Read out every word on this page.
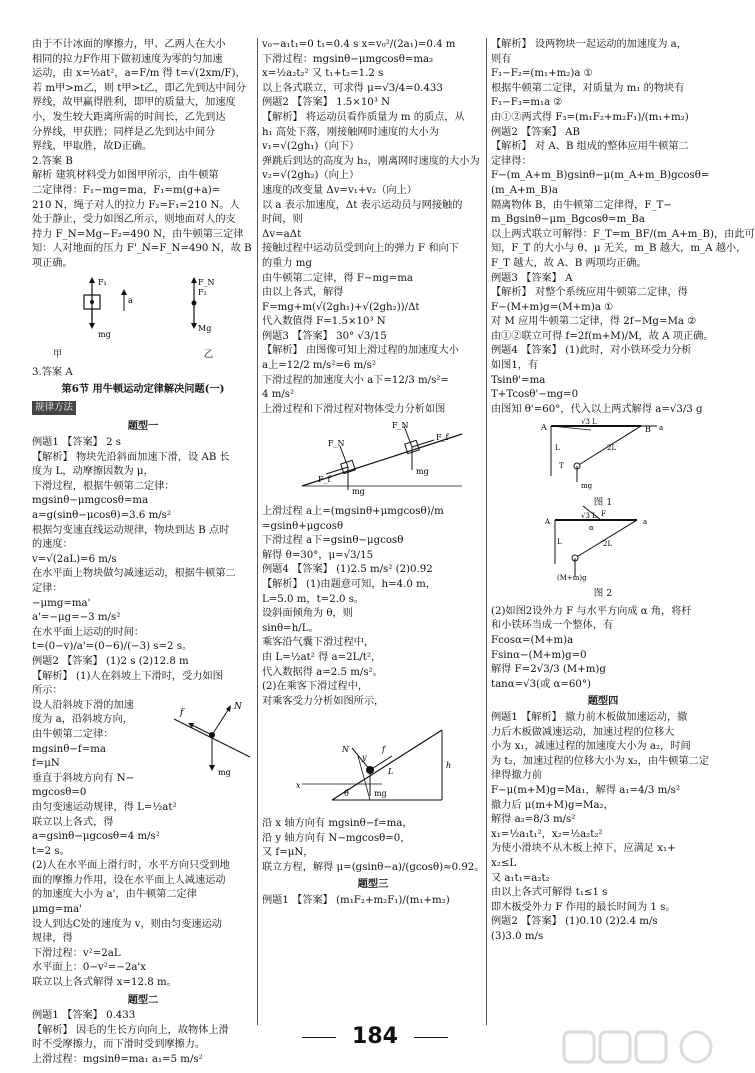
由于不计冰面的摩擦力，甲、乙两人在大小
相同的拉力F作用下做初速度为零的匀加速
运动，由 x=½at²，a=F/m 得 t=√(2xm/F)，
若 m甲>m乙，则 t甲>t乙，即乙先到达中间分
界线，故甲赢得胜利，即甲的质量大，加速度
小，发生较大距离所需的时间长，乙先到达
分界线，甲获胜；同样是乙先到达中间分
界线，甲取胜，故D正确。
2.答案 B
解析 建筑材料受力如图甲所示，由牛顿第
二定律得：F₁−mg=ma，F₁=m(g+a)=
210 N，绳子对人的拉力 F₂=F₁=210 N。人
处于静止，受力如图乙所示，则地面对人的支
持力 F_N=Mg−F₂=490 N，由牛顿第三定律
知：人对地面的压力 F'_N=F_N=490 N，故 B
项正确。
F₁
a
mg
F_N
F₂
Mg
甲	乙
3.答案 A
第6节 用牛顿运动定律解决问题(一)
规律方法
题型一
例题1 【答案】 2 s
【解析】 物块先沿斜面加速下滑，设 AB 长
度为 L，动摩擦因数为 μ，
下滑过程，根据牛顿第二定律：
mgsinθ−μmgcosθ=ma
a=g(sinθ−μcosθ)=3.6 m/s²
根据匀变速直线运动规律，物块到达 B 点时
的速度：
v=√(2aL)=6 m/s
在水平面上物块做匀减速运动，根据牛顿第二
定律：
−μmg=ma'
a'=−μg=−3 m/s²
在水平面上运动的时间：
t=(0−v)/a'=(0−6)/(−3) s=2 s。
例题2 【答案】 (1)2 s (2)12.8 m
【解析】 (1)人在斜坡上下滑时，受力如图
所示：
f
N
mg
设人沿斜坡下滑的加速
度为 a，沿斜坡方向，
由牛顿第二定律：
mgsinθ−f=ma
f=μN
垂直于斜坡方向有 N−
mgcosθ=0
由匀变速运动规律，得 L=½at²
联立以上各式，得
a=gsinθ−μgcosθ=4 m/s²
t=2 s。
(2)人在水平面上滑行时，水平方向只受到地
面的摩擦力作用，设在水平面上人减速运动
的加速度大小为 a'，由牛顿第二定律
μmg=ma'
设人到达C处的速度为 v，则由匀变速运动
规律，得
下滑过程：v²=2aL
水平面上：0−v²=−2a'x
联立以上各式解得 x=12.8 m。
题型二
例题1 【答案】 0.433
【解析】 因毛的生长方向向上，故物体上滑
时不受摩擦力，而下滑时受到摩擦力。
上滑过程：mgsinθ=ma₁ a₁=5 m/s²
v₀−a₁t₁=0 t₁=0.4 s x=v₀²/(2a₁)=0.4 m
下滑过程：mgsinθ−μmgcosθ=ma₂
x=½a₂t₂² 又 t₁+t₂=1.2 s
以上各式联立，可求得 μ=√3/4=0.433
例题2 【答案】 1.5×10³ N
【解析】 将运动员看作质量为 m 的质点，从
h₁ 高处下落，刚接触网时速度的大小为
v₁=√(2gh₁)（向下）
弹跳后到达的高度为 h₂，刚离网时速度的大小为
v₂=√(2gh₂)（向上）
速度的改变量 Δv=v₁+v₂（向上）
以 a 表示加速度，Δt 表示运动员与网接触的
时间，则
Δv=aΔt
接触过程中运动员受到向上的弹力 F 和向下
的重力 mg
由牛顿第二定律，得 F−mg=ma
由以上各式，解得
F=mg+m(√(2gh₁)+√(2gh₂))/Δt
代入数值得 F=1.5×10³ N
例题3 【答案】 30° √3/15
【解析】 由图像可知上滑过程的加速度大小
a上=12/2 m/s²=6 m/s²
下滑过程的加速度大小 a下=12/3 m/s²=
4 m/s²
上滑过程和下滑过程对物体受力分析如图
F_N
F_f
mg
F_N
F_f
mg
上滑过程 a上=(mgsinθ+μmgcosθ)/m
=gsinθ+μgcosθ
下滑过程 a下=gsinθ−μgcosθ
解得 θ=30°，μ=√3/15
例题4 【答案】 (1)2.5 m/s² (2)0.92
【解析】 (1)由题意可知，h=4.0 m，
L=5.0 m，t=2.0 s。
设斜面倾角为 θ，则
sinθ=h/L。
乘客沿气囊下滑过程中，
由 L=½at² 得 a=2L/t²，
代入数据得 a=2.5 m/s²。
(2)在乘客下滑过程中，
对乘客受力分析如图所示，
N	f
mg
x
y
θ
L
h
沿 x 轴方向有 mgsinθ−f=ma，
沿 y 轴方向有 N−mgcosθ=0，
又 f=μN，
联立方程，解得 μ=(gsinθ−a)/(gcosθ)≈0.92。
题型三
例题1 【答案】 (m₁F₂+m₂F₁)/(m₁+m₂)
【解析】 设两物块一起运动的加速度为 a，
则有
F₁−F₂=(m₁+m₂)a ①
根据牛顿第二定律，对质量为 m₁ 的物块有
F₁−F₃=m₁a ②
由①②两式得 F₃=(m₁F₂+m₂F₁)/(m₁+m₂)
例题2 【答案】 AB
【解析】 对 A、B 组成的整体应用牛顿第二
定律得：
F−(m_A+m_B)gsinθ−μ(m_A+m_B)gcosθ=
(m_A+m_B)a
隔离物体 B，由牛顿第二定律得，F_T−
m_Bgsinθ−μm_Bgcosθ=m_Ba
以上两式联立可解得：F_T=m_BF/(m_A+m_B)，由此可
知，F_T 的大小与 θ、μ 无关，m_B 越大，m_A 越小，
F_T 越大，故 A、B 两项均正确。
例题3 【答案】 A
【解析】 对整个系统应用牛顿第二定律，得
F−(M+m)g=(M+m)a ①
对 M 应用牛顿第二定律，得 2f−Mg=Ma ②
由①②联立可得 f=2f(m+M)/M，故 A 项正确。
例题4 【答案】 (1)此时，对小铁环受力分析
如图1，有
Tsinθ'=ma
T+Tcosθ'−mg=0
由图知 θ'=60°，代入以上两式解得 a=√3/3 g
A	B
√3 L
L	2L
T
mg
a
图 1
√3 L F
α
A
L	2L
(M+m)g
a
图 2
(2)如图2设外力 F 与水平方向成 α 角，将杆
和小铁环当成一个整体，有
Fcosα=(M+m)a
Fsinα−(M+m)g=0
解得 F=2√3/3 (M+m)g
tanα=√3(或 α=60°)
题型四
例题1 【解析】 撤力前木板做加速运动，撤
力后木板做减速运动，加速过程的位移大
小为 x₁，减速过程的加速度大小为 a₂，时间
为 t₂，加速过程的位移大小为 x₂，由牛顿第二定
律得撤力前
F−μ(m+M)g=Ma₁，解得 a₁=4/3 m/s²
撤力后 μ(m+M)g=Ma₂，
解得 a₂=8/3 m/s²
x₁=½a₁t₁²，x₂=½a₂t₂²
为使小滑块不从木板上掉下，应满足 x₁+
x₂≤L
又 a₁t₁=a₂t₂
由以上各式可解得 t₁≤1 s
即木板受外力 F 作用的最长时间为 1 s。
例题2 【答案】 (1)0.10 (2)2.4 m/s
(3)3.0 m/s
184
